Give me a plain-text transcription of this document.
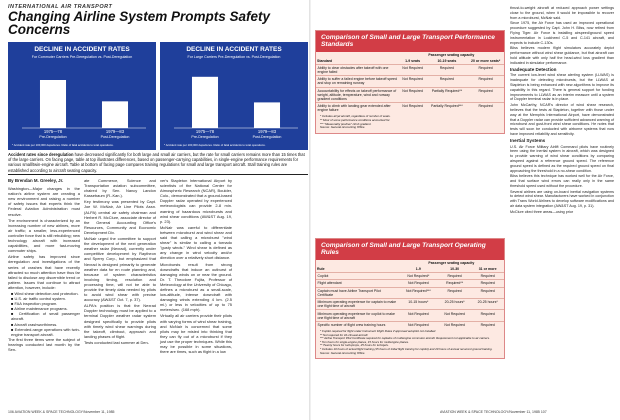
INTERNATIONAL AIR TRANSPORT
Changing Airline System Prompts Safety Concerns
DECLINE IN ACCIDENT RATES
For Commuter Carriers Pre-Deregulation vs. Post-Deregulation
1975—78
Pre-Deregulation
1979—83
Post-Deregulation
* Accident rate per 100,000 departures. Ratio of fatal accidents to total operations.
DECLINE IN ACCIDENT RATES
For Large Carriers Pre-Deregulation vs. Post-Deregulation
1975—78
Pre-Deregulation
1979—83
Post-Deregulation
* Accident rate per 100,000 departures. Ratio of fatal accidents to total operations.
Accident rates since deregulation have decreased significantly for both large and small air carriers, but the rate for small carriers remains more than 15 times that of the large carriers. On facing page, table at top illustrates differences, based on passenger-carrying capabilities, in single-engine performance requirements for various small/twin-engine aircraft. Table at bottom of facing page compares training regulations for small and large transport aircraft. Stall training rules are established according to aircraft seating capacity.
By Brendan M. Greeley, Jr.

Washington—Major changes in the nation's airline system are creating a new environment and raising a number of safety issues that experts think the Federal Aviation Administration must resolve.

The environment is characterized by an increasing number of new airlines, more air traffic; a smaller, less-experienced controller force that is still rebuilding; new technology aircraft with increased capabilities, and more fast-moving commuter ships.

Airline safety has improved since deregulation and investigations of the series of crashes that have recently attracted so much attention have thus far failed to disclose any discernible trend or pattern. Issues that continue to attract attention, however, include:

■ Wind shear detection and protection.
■ U.S. air traffic control system.
■ FAA inspection program.
■ Airline maintenance programs.
■ Certification of small passenger aircraft.
■ Aircraft crashworthiness.
■ Extended-range operations with twin-engine transport aircraft.

The first three items were the subject of hearings conducted last month by the Sen-

ate Commerce, Science and Transportation aviation subcommittee, chaired by Sen. Nancy Landon Kassebaum (R.-Kan.).

Key testimony was presented by Capt. Joe W. McNair, Air Line Pilots Assn. (ALPA) central air safety chairman and Herbert R. McClure, associate director of the General Accounting Office's Resources, Community and Economic Development Div.

McNair urged the committee to support the development of the next generation weather radar (Nexrad), currently under competitive development by Raytheon and Sperry Corp., but emphasized that Nexrad is designed primarily to generate weather data for en route planning and, because of system characteristics involving timing, resolution and processing time, will not be able to provide the timely data needed by pilots to avoid wind shear with precise accuracy (AW&ST Oct. 7, p. 37).

ALPA's position is that the Nexrad Doppler technology must be applied to a terminal Doppler weather radar system designed specifically to provide pilots with timely wind shear warnings during the takeoff, climbout, approach and landing phases of flight.

Tests conducted last summer at Den-

ver's Stapleton International Airport by scientists of the National Center for Atmospheric Research (NCAR), Boulder, Colo., demonstrated that a ground-based Doppler radar operated by experienced meteorologists can provide 2-8 min. warning of hazardous microbursts and wind shear conditions (AW&ST Aug. 19, p. 23).

McNair was careful to differentiate between microburst and wind shear and said that calling a microburst "wind shear" is similar to calling a tornado "gusty winds." Wind shear is defined as any change in wind velocity and/or direction over a relatively short distance.

Microbursts result from strong downdrafts that induce an outburst of damaging winds on or near the ground. Dr. T. Theodore Fujita, Professor of Meteorology at the University of Chicago, defines a microburst as a small-scale, low-altitude, intense downdraft with damaging winds extending 4 km. (2.5 mi.) or less in velocities of up to 75 meters/sec. (168 mph).

Virtually all air carriers provide their pilots with varying forms of wind shear training, and McNair is concerned that some pilots may be misled into thinking that they can fly out of a microburst if they just use the proper techniques. While this may be possible in some situations, there are times, such as flight in a low

106 AVIATION WEEK & SPACE TECHNOLOGY/November 11, 1985
Comparison of Small and Large Transport Performance Standards
	Passenger seating capacity		
Standard	1-9 seats	10-19 seats	20 or more seats*
Ability to clear obstacles after takeoff with one engine failed	Not Required	Required	Required
Ability to suffer a failed engine before takeoff speed and stop on remaining runway	Not Required	Required	Required
Accountability for effects on takeoff performance of weight, altitude, temperature, wind and runway gradient conditions	Not Required	Partially Required**	Required
Ability to climb with landing gear extended after engine failure	Not Required	Partially Required***	Required
* Includes all jet aircraft, regardless of number of seats.
** Most of some performance conditions accounted for.
*** "Measurably positive" climb gradient.
Source: General Accounting Office.
Comparison of Small and Large Transport Operating Rules
	Passenger seating capacity		
Rule	1-9	10-30	31 or more
Copilot	Not Required*	Required	Required
Flight attendant	Not Required	Required**	Required
Captain must have Airline Transport Pilot Certificate	Not Required***	Required	Required
Minimum operating experience for captain to make one flight time of aircraft	10-15 hours*	20-25 hours*	20-25 hours*
Minimum operating experience for copilot to make one flight time of aircraft	Not Required	Not Required	Required
Specific number of flight crew training hours	Not Required	Not Required	Required
* Copilot required for flight under Instrument Flight Rules if approved autopilot not installed.
** Not required for 10-19-seat aircraft.
*** Airline Transport Pilot Certificate required for captains of multiengine commuter aircraft. Requirement not applicable to air carriers.
* Ten hours for single-engine planes, 15 hours for multiengine planes.
** Twenty hours for turboprops, 25 hours for turbojets.
* Includes 10 hours of actual flight training (15 hours of initial flight training for copilot) and 20 hours of annual recurrent ground training.
Source: General Accounting Office.

thrust-to-weight aircraft at reduced approach power settings close to the ground, when it would be impossible to recover from a microburst, McNair said.

Since 1975, the Air Force has used an improved operational procedure suggested by Capt. John H. Bliss, now retired from Flying Tiger. Air Force is installing airspeed/ground speed instrumentation in Lockheed C-5 and C-141 aircraft, and expects to include C-130s.

Bliss believes modern flight simulators accurately depict performance without wind shear guidance, but that aircraft can hold altitude with only half the head-wind loss gradient than indicated in simulator performance.

Inadequate Detection

The current low-level wind shear alerting system (LLWAS) is inadequate for detecting microbursts, but the LLWAS at Stapleton is being enhanced with new algorithms to improve its capability in this regard. There is general support for funding improvements to LLWAS as an interim measure until a system of Doppler terminal radar is in place.

John McCarthy, NCAR's director of wind shear research, believes that the tests at Stapleton, together with those under way at the Memphis International Airport, have demonstrated that a Doppler radar can provide sufficient advanced warning of microburst and gust-front wind shear conditions. He notes that tests will soon be conducted with airborne systems that now have improved reliability and sensitivity.

Inertial Systems

U.S. Air Force Military Airlift Command pilots have routinely been using the inertial system in aircraft, which was designed to provide warning of wind shear conditions by comparing airspeed against a reference ground speed. The reference ground speed is defined as the required ground speed on final approaching the threshold in a no-shear condition.

Bliss believes this technique has worked well for the Air Force, and that surface wind errors can really only in the same threshold speed used without the procedure.

Several airlines are using on-board inertial navigation systems to detect wind shear. Manufacturers have worked in conjunction with Trans World Airlines to develop software modifications and air data system integration (AW&ST Aug. 19, p. 31).

McClure cited three areas—using prior

AVIATION WEEK & SPACE TECHNOLOGY/November 11, 1985 107
